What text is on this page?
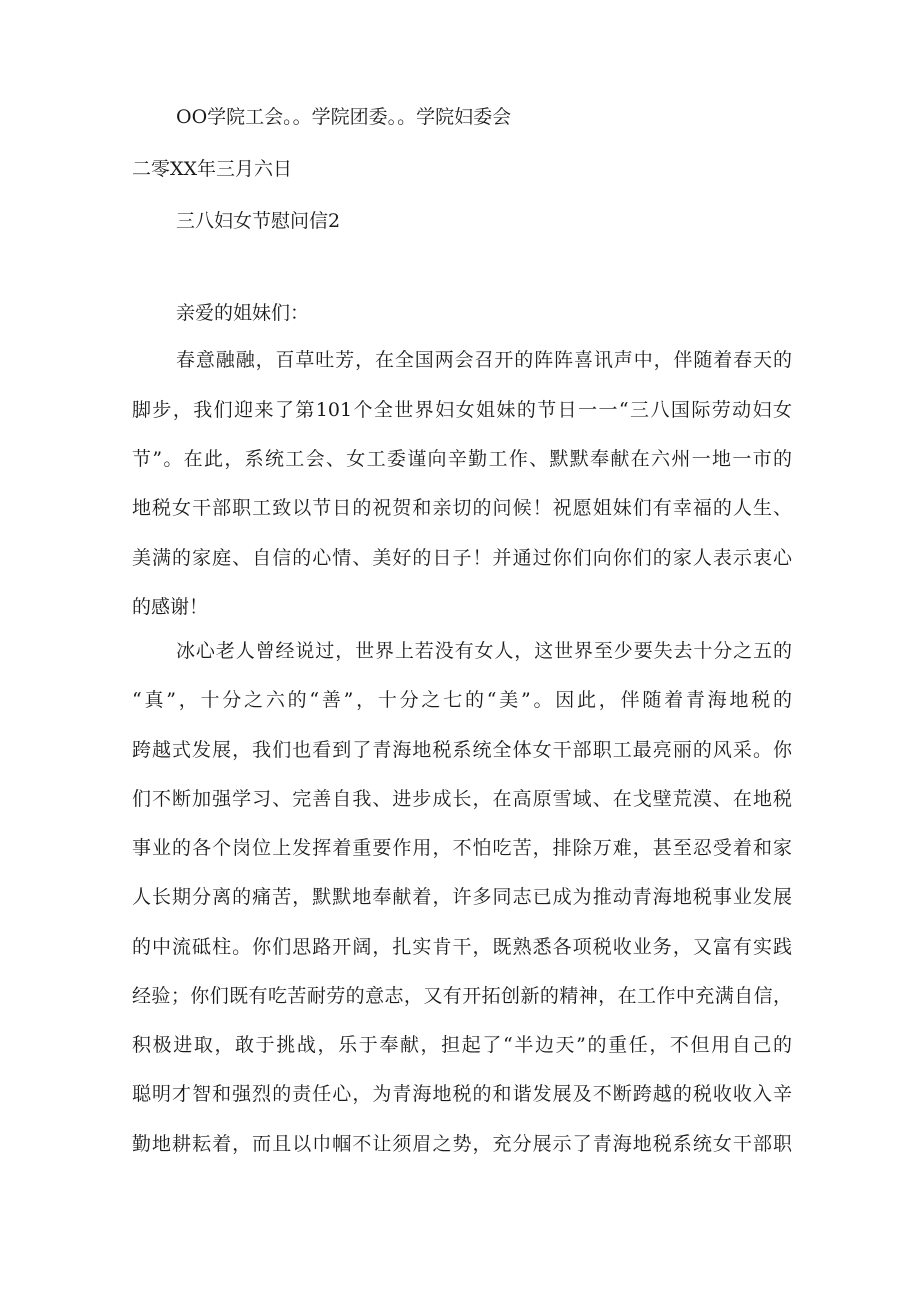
OO学院工会。。学院团委。。学院妇委会
二零XX年三月六日
三八妇女节慰问信2
亲爱的姐妹们：
春意融融，百草吐芳，在全国两会召开的阵阵喜讯声中，伴随着春天的
脚步，我们迎来了第101个全世界妇女姐妹的节日一一“三八国际劳动妇女
节”。在此，系统工会、女工委谨向辛勤工作、默默奉献在六州一地一市的
地税女干部职工致以节日的祝贺和亲切的问候！祝愿姐妹们有幸福的人生、
美满的家庭、自信的心情、美好的日子！并通过你们向你们的家人表示衷心
的感谢！
冰心老人曾经说过，世界上若没有女人，这世界至少要失去十分之五的
“真”，十分之六的“善”，十分之七的“美”。因此，伴随着青海地税的
跨越式发展，我们也看到了青海地税系统全体女干部职工最亮丽的风采。你
们不断加强学习、完善自我、进步成长，在高原雪域、在戈壁荒漠、在地税
事业的各个岗位上发挥着重要作用，不怕吃苦，排除万难，甚至忍受着和家
人长期分离的痛苦，默默地奉献着，许多同志已成为推动青海地税事业发展
的中流砥柱。你们思路开阔，扎实肯干，既熟悉各项税收业务，又富有实践
经验；你们既有吃苦耐劳的意志，又有开拓创新的精神，在工作中充满自信，
积极进取，敢于挑战，乐于奉献，担起了“半边天”的重任，不但用自己的
聪明才智和强烈的责任心，为青海地税的和谐发展及不断跨越的税收收入辛
勤地耕耘着，而且以巾帼不让须眉之势，充分展示了青海地税系统女干部职
